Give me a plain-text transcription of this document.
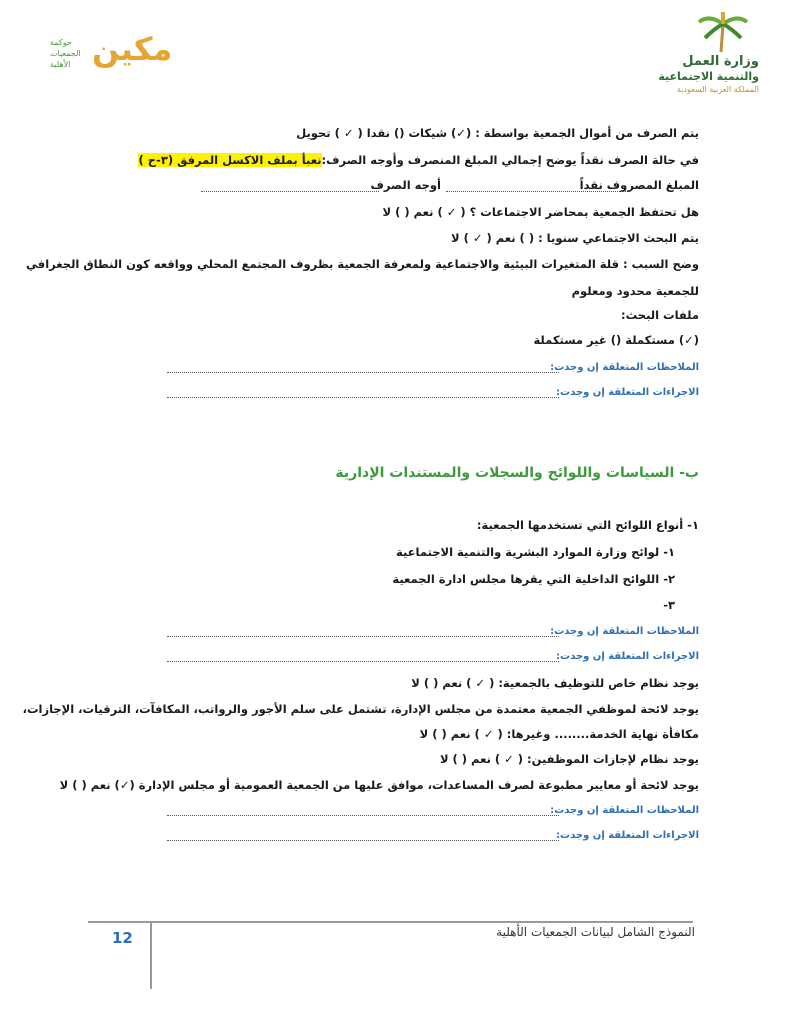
وزارة العمل
والتنمية الاجتماعية
المملكة العربية السعودية
مكين
حوكمة
الجمعيات
الأهلية
يتم الصرف من أموال الجمعية بواسطة : (✓) شيكات () نقدا ( ✓ ) تحويل
في حالة الصرف نقداً يوضح إجمالي المبلغ المنصرف وأوجه الصرف:نعبأ بملف الاكسل المرفق (٣-ح )
المبلغ المصروف نقداً
أوجه الصرف
هل تحتفظ الجمعية بمحاضر الاجتماعات ؟ ( ✓ ) نعم ( ) لا
يتم البحث الاجتماعي سنويا : ( ) نعم ( ✓ ) لا
وضح السبب : قلة المتغيرات البيئية والاجتماعية ولمعرفة الجمعية بظروف المجتمع المحلي وواقعه كون النطاق الجغرافي
للجمعية محدود ومعلوم
ملفات البحث:
(✓) مستكملة () غير مستكملة
الملاحظات المتعلقة إن وجدت:
الاجراءات المتعلقة إن وجدت:
ب- السياسات واللوائح والسجلات والمستندات الإدارية
١- أنواع اللوائح التي تستخدمها الجمعية:
١- لوائح وزارة الموارد البشرية والتنمية الاجتماعية
٢- اللوائح الداخلية التي يقرها مجلس ادارة الجمعية
٣-
الملاحظات المتعلقة إن وجدت:
الاجراءات المتعلقة إن وجدت:
يوجد نظام خاص للتوظيف بالجمعية: ( ✓ ) نعم ( ) لا
يوجد لائحة لموظفي الجمعية معتمدة من مجلس الإدارة، تشتمل على سلم الأجور والرواتب، المكافآت، الترقيات، الإجازات،
مكافأة نهاية الخدمة........ وغيرها: ( ✓ ) نعم ( ) لا
يوجد نظام لإجازات الموظفين: ( ✓ ) نعم ( ) لا
يوجد لائحة أو معايير مطبوعة لصرف المساعدات، موافق عليها من الجمعية العمومية أو مجلس الإدارة (✓) نعم ( ) لا
الملاحظات المتعلقة إن وجدت:
الاجراءات المتعلقة إن وجدت:
12	النموذج الشامل لبيانات الجمعيات الأهلية
